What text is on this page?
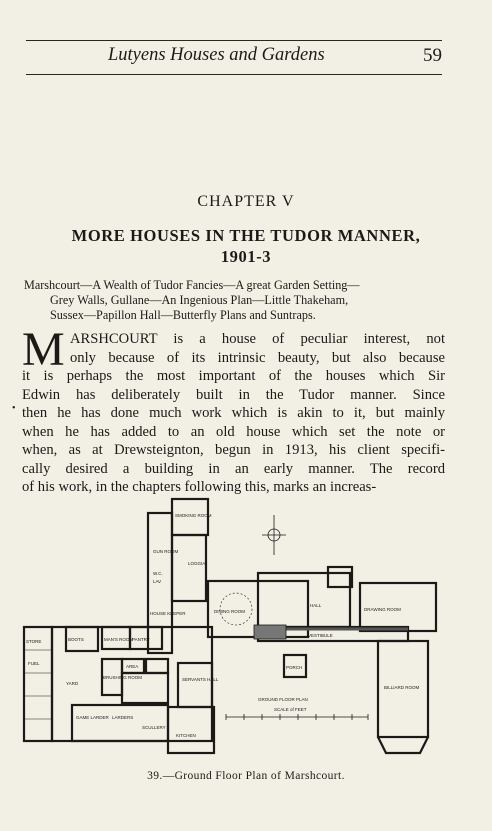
Lutyens Houses and Gardens	59
CHAPTER V
MORE HOUSES IN THE TUDOR MANNER,
1901-3
Marshcourt—A Wealth of Tudor Fancies—A great Garden Setting—
Grey Walls, Gullane—An Ingenious Plan—Little Thakeham,
Sussex—Papillon Hall—Butterfly Plans and Suntraps.
M
•
ARSHCOURT is a house of peculiar interest, not
only because of its intrinsic beauty, but also because
it is perhaps the most important of the houses which Sir
Edwin has deliberately built in the Tudor manner. Since
then he has done much work which is akin to it, but mainly
when he has added to an old house which set the note or
when, as at Drewsteignton, begun in 1913, his client specifi-
cally desired a building in an early manner. The record
of his work, in the chapters following this, marks an increas-
SMOKING ROOM
GUN ROOM
LOGGIA
W.C.
LAV
HOUSE KEEPER	DINING ROOM
HALL
DRAWING ROOM
VESTIBULE
STORE
FUEL
BOOTS	MAN'S ROOM
PANTRY
AREA
YARD
BRUSHING ROOM	SERVANTS HALL
PORCH
GROUND FLOOR PLAN
SCALE of FEET
BILLIARD ROOM
GAME LARDER LARDERS
SCULLERY
KITCHEN
39.—Ground Floor Plan of Marshcourt.
